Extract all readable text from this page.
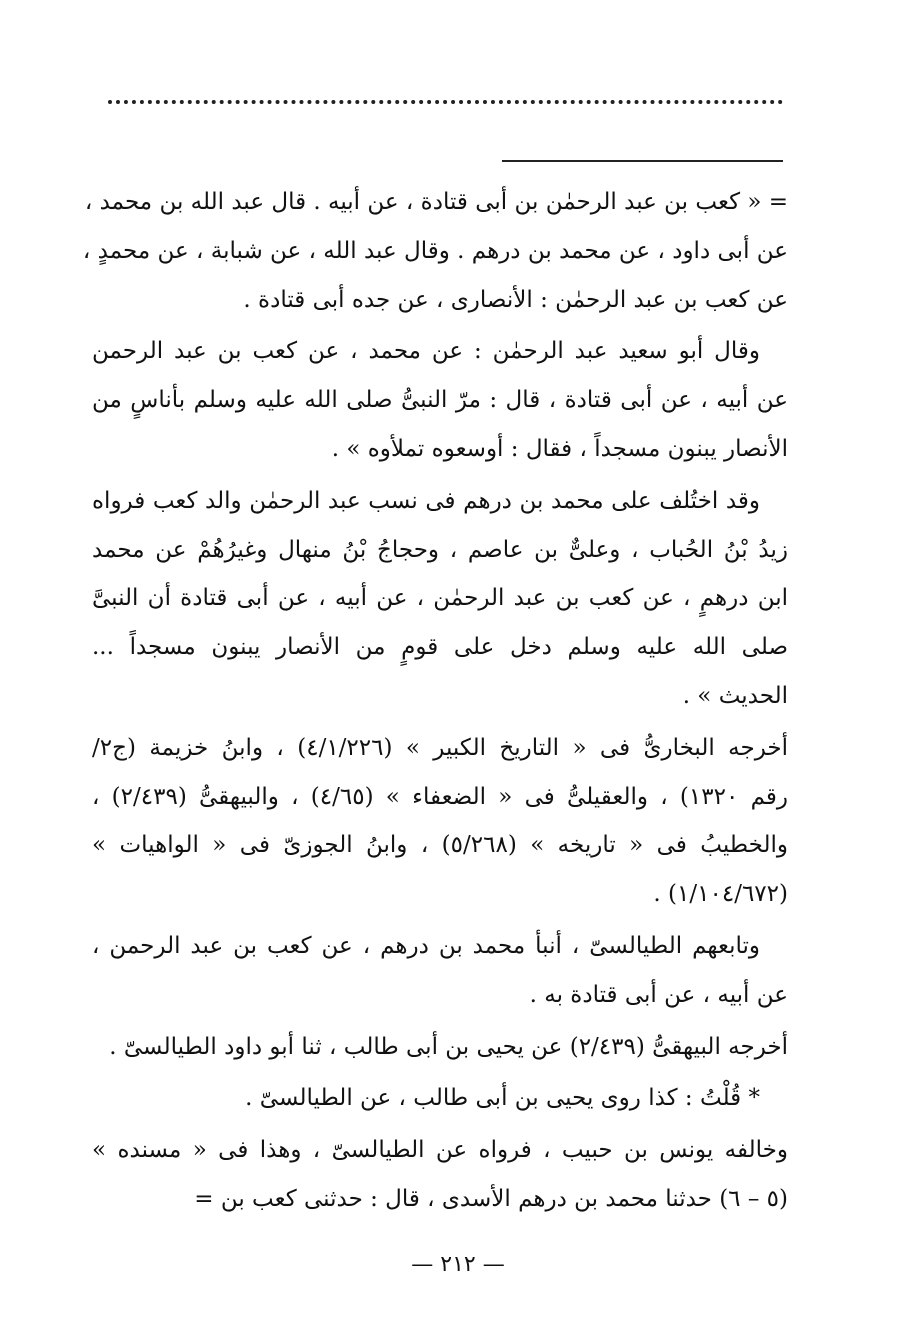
= « كعب بن عبد الرحمٰن بن أبى قتادة ، عن أبيه . قال عبد الله بن محمد ،
عن أبى داود ، عن محمد بن درهم . وقال عبد الله ، عن شبابة ، عن محمدٍ ،
عن كعب بن عبد الرحمٰن : الأنصارى ، عن جده أبى قتادة .

وقال أبو سعيد عبد الرحمٰن : عن محمد ، عن كعب بن عبد الرحمن
عن أبيه ، عن أبى قتادة ، قال : مرّ النبىُّ صلى الله عليه وسلم بأناسٍ من
الأنصار يبنون مسجداً ، فقال : أوسعوه تملأوه » .

وقد اختُلف على محمد بن درهم فى نسب عبد الرحمٰن والد كعب فرواه
زيدُ بْنُ الحُباب ، وعلىٌّ بن عاصم ، وحجاجُ بْنُ منهال وغيرُهُمْ عن محمد
ابن درهمٍ ، عن كعب بن عبد الرحمٰن ، عن أبيه ، عن أبى قتادة أن النبىَّ
صلى الله عليه وسلم دخل على قومٍ من الأنصار يبنون مسجداً ...
الحديث » .

أخرجه البخارىُّ فى « التاريخ الكبير » (٤/١/٢٢٦) ، وابنُ خزيمة (ج٢/
رقم ١٣٢٠) ، والعقيلىُّ فى « الضعفاء » (٤/٦٥) ، والبيهقىُّ (٢/٤٣٩) ،
والخطيبُ فى « تاريخه » (٥/٢٦٨) ، وابنُ الجوزىّ فى « الواهيات »
(١/١٠٤/٦٧٢) .

وتابعهم الطيالسىّ ، أنبأ محمد بن درهم ، عن كعب بن عبد الرحمن ،
عن أبيه ، عن أبى قتادة به .

أخرجه البيهقىُّ (٢/٤٣٩) عن يحيى بن أبى طالب ، ثنا أبو داود الطيالسىّ .

* قُلْتُ : كذا روى يحيى بن أبى طالب ، عن الطيالسىّ .

وخالفه يونس بن حبيب ، فرواه عن الطيالسىّ ، وهذا فى « مسنده »
(٥ – ٦) حدثنا محمد بن درهم الأسدى ، قال : حدثنى كعب بن =

— ٢١٢ —
